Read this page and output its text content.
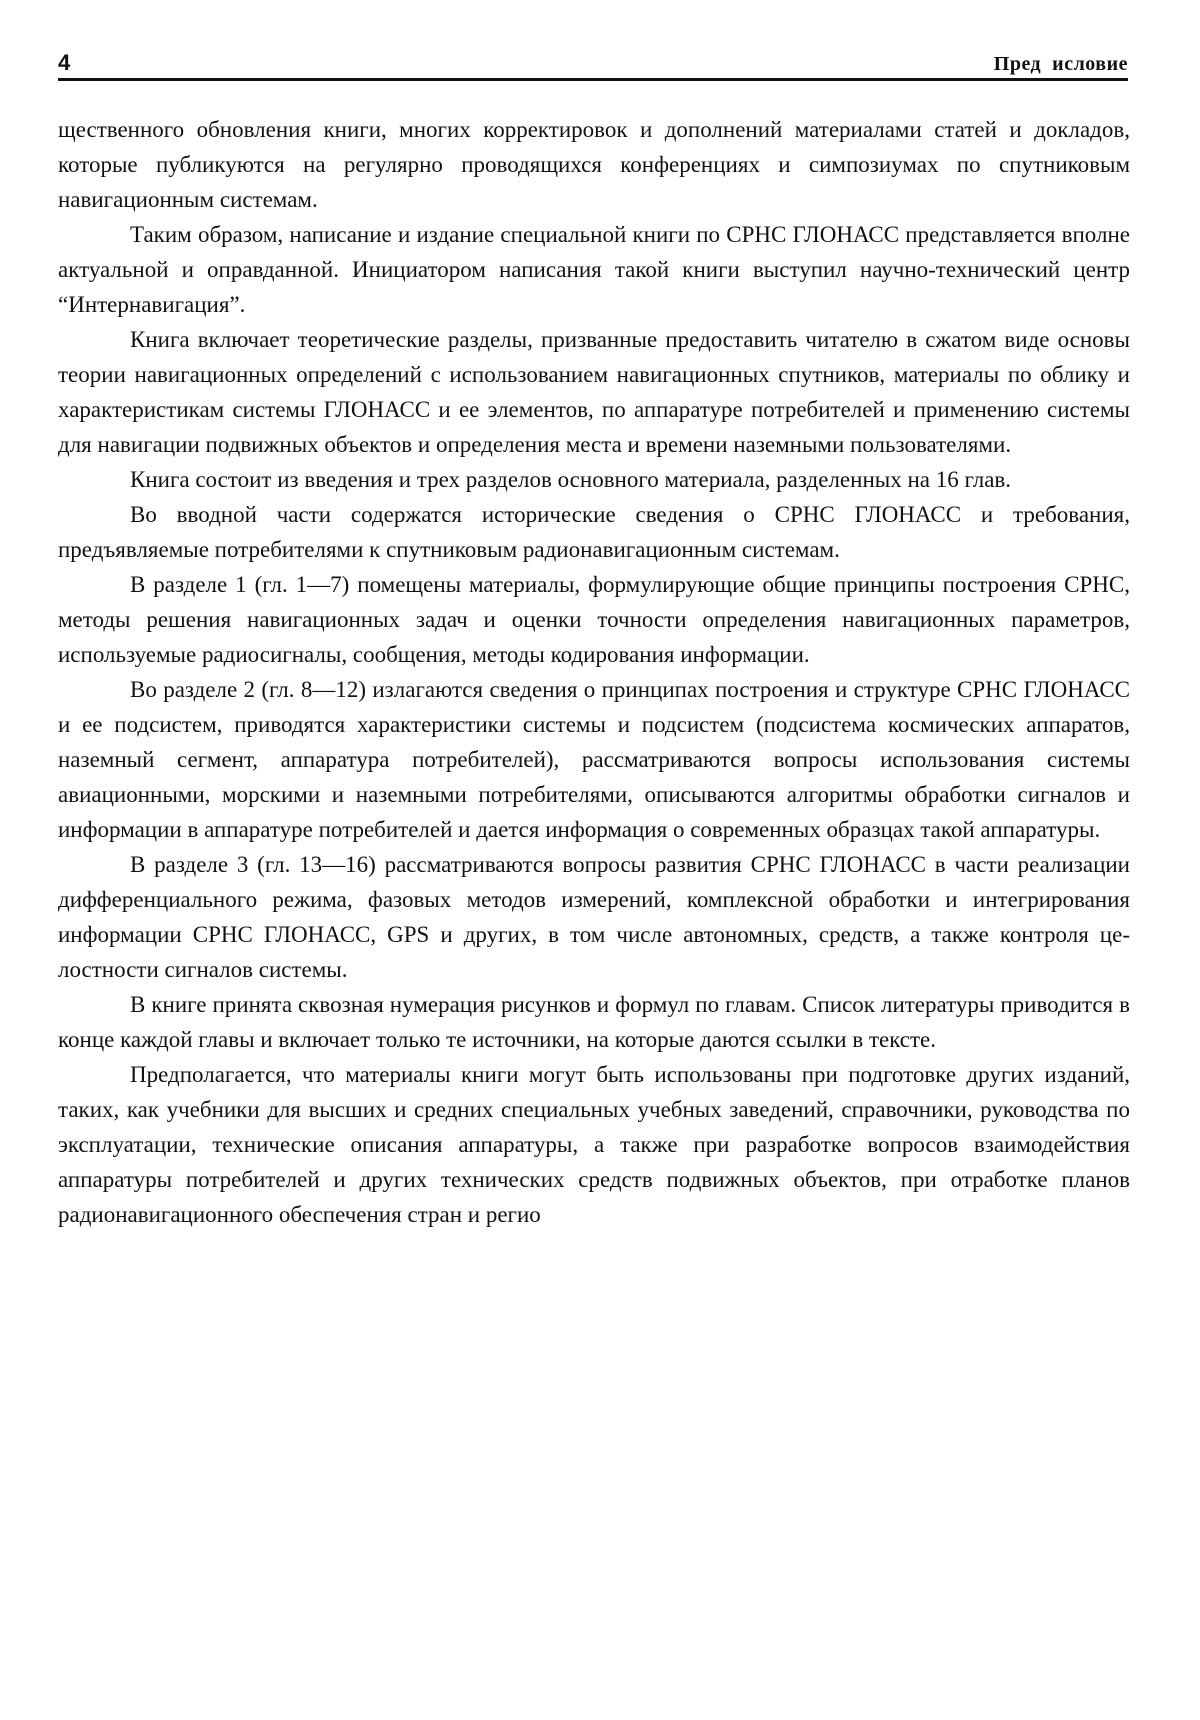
4	Пред  исловие

щественного обновления книги, многих корректировок и дополнений материалами статей и докладов, которые публикуются на регулярно проводящихся конференциях и симпозиумах по спутниковым навигационным системам.

Таким образом, написание и издание специальной книги по СРНС ГЛОНАСС представляется вполне актуальной и оправданной. Инициатором написания такой книги выступил научно-технический центр “Интернавигация”.

Книга включает теоретические разделы, призванные предоставить читателю в сжатом виде основы теории навигационных определений с использованием навигационных спутников, материалы по облику и характеристикам системы ГЛОНАСС и ее элементов, по аппаратуре потребителей и применению системы для навигации подвижных объектов и определения места и времени наземными пользователями.

Книга состоит из введения и трех разделов основного материала, разделенных на 16 глав.

Во вводной части содержатся исторические сведения о СРНС ГЛОНАСС и требования, предъявляемые потребителями к спутниковым радионавигационным системам.

В разделе 1 (гл. 1—7) помещены материалы, формулирующие общие принципы построения СРНС, методы решения навигационных задач и оценки точности определения навигационных параметров, используемые радиосигналы, сообщения, методы кодирования информации.

Во разделе 2 (гл. 8—12) излагаются сведения о принципах построения и структуре СРНС ГЛОНАСС и ее подсистем, приводятся характеристики системы и подсистем (подсистема космических аппаратов, наземный сегмент, аппаратура потребителей), рассматриваются вопросы использования системы авиационными, морскими и наземными потребителями, описываются алгоритмы обработки сигналов и информации в аппаратуре потребителей и дается информация о современных образцах такой аппаратуры.

В разделе 3 (гл. 13—16) рассматриваются вопросы развития СРНС ГЛОНАСС в части реализации дифференциального режима, фазовых методов измерений, комплексной обработки и интегрирования информации СРНС ГЛОНАСС, GPS и других, в том числе автономных, средств, а также контроля целостности сигналов системы.

В книге принята сквозная нумерация рисунков и формул по главам. Список литературы приводится в конце каждой главы и включает только те источники, на которые даются ссылки в тексте.

Предполагается, что материалы книги могут быть использованы при подготовке других изданий, таких, как учебники для высших и средних специальных учебных заведений, справочники, руководства по эксплуатации, технические описания аппаратуры, а также при разработке вопросов взаимодействия аппаратуры потребителей и других технических средств подвижных объектов, при отработке планов радионавигационного обеспечения стран и регио
